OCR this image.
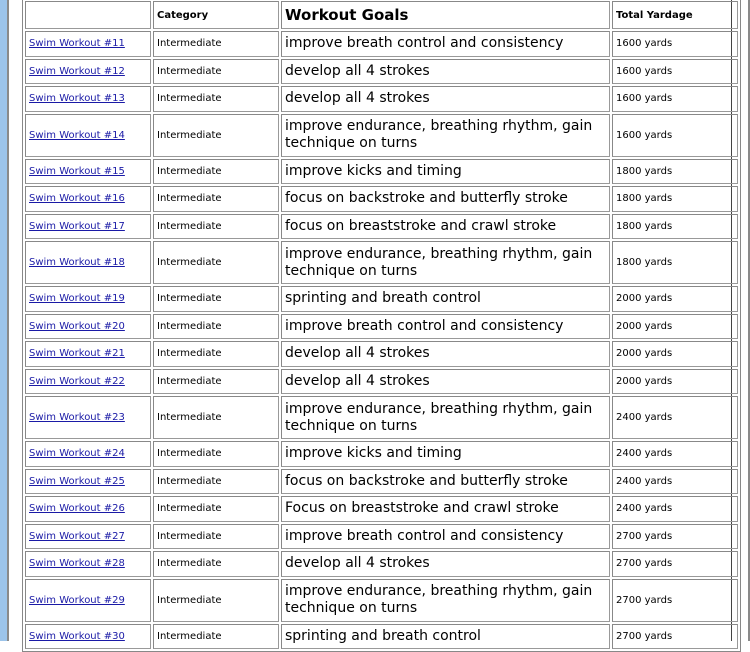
	Category	Workout Goals	Total Yardage
Swim Workout #11	Intermediate	improve breath control and consistency	1600 yards
Swim Workout #12	Intermediate	develop all 4 strokes	1600 yards
Swim Workout #13	Intermediate	develop all 4 strokes	1600 yards
Swim Workout #14	Intermediate	improve endurance, breathing rhythm, gain technique on turns	1600 yards
Swim Workout #15	Intermediate	improve kicks and timing	1800 yards
Swim Workout #16	Intermediate	focus on backstroke and butterfly stroke	1800 yards
Swim Workout #17	Intermediate	focus on breaststroke and crawl stroke	1800 yards
Swim Workout #18	Intermediate	improve endurance, breathing rhythm, gain technique on turns	1800 yards
Swim Workout #19	Intermediate	sprinting and breath control	2000 yards
Swim Workout #20	Intermediate	improve breath control and consistency	2000 yards
Swim Workout #21	Intermediate	develop all 4 strokes	2000 yards
Swim Workout #22	Intermediate	develop all 4 strokes	2000 yards
Swim Workout #23	Intermediate	improve endurance, breathing rhythm, gain technique on turns	2400 yards
Swim Workout #24	Intermediate	improve kicks and timing	2400 yards
Swim Workout #25	Intermediate	focus on backstroke and butterfly stroke	2400 yards
Swim Workout #26	Intermediate	Focus on breaststroke and crawl stroke	2400 yards
Swim Workout #27	Intermediate	improve breath control and consistency	2700 yards
Swim Workout #28	Intermediate	develop all 4 strokes	2700 yards
Swim Workout #29	Intermediate	improve endurance, breathing rhythm, gain technique on turns	2700 yards
Swim Workout #30	Intermediate	sprinting and breath control	2700 yards
